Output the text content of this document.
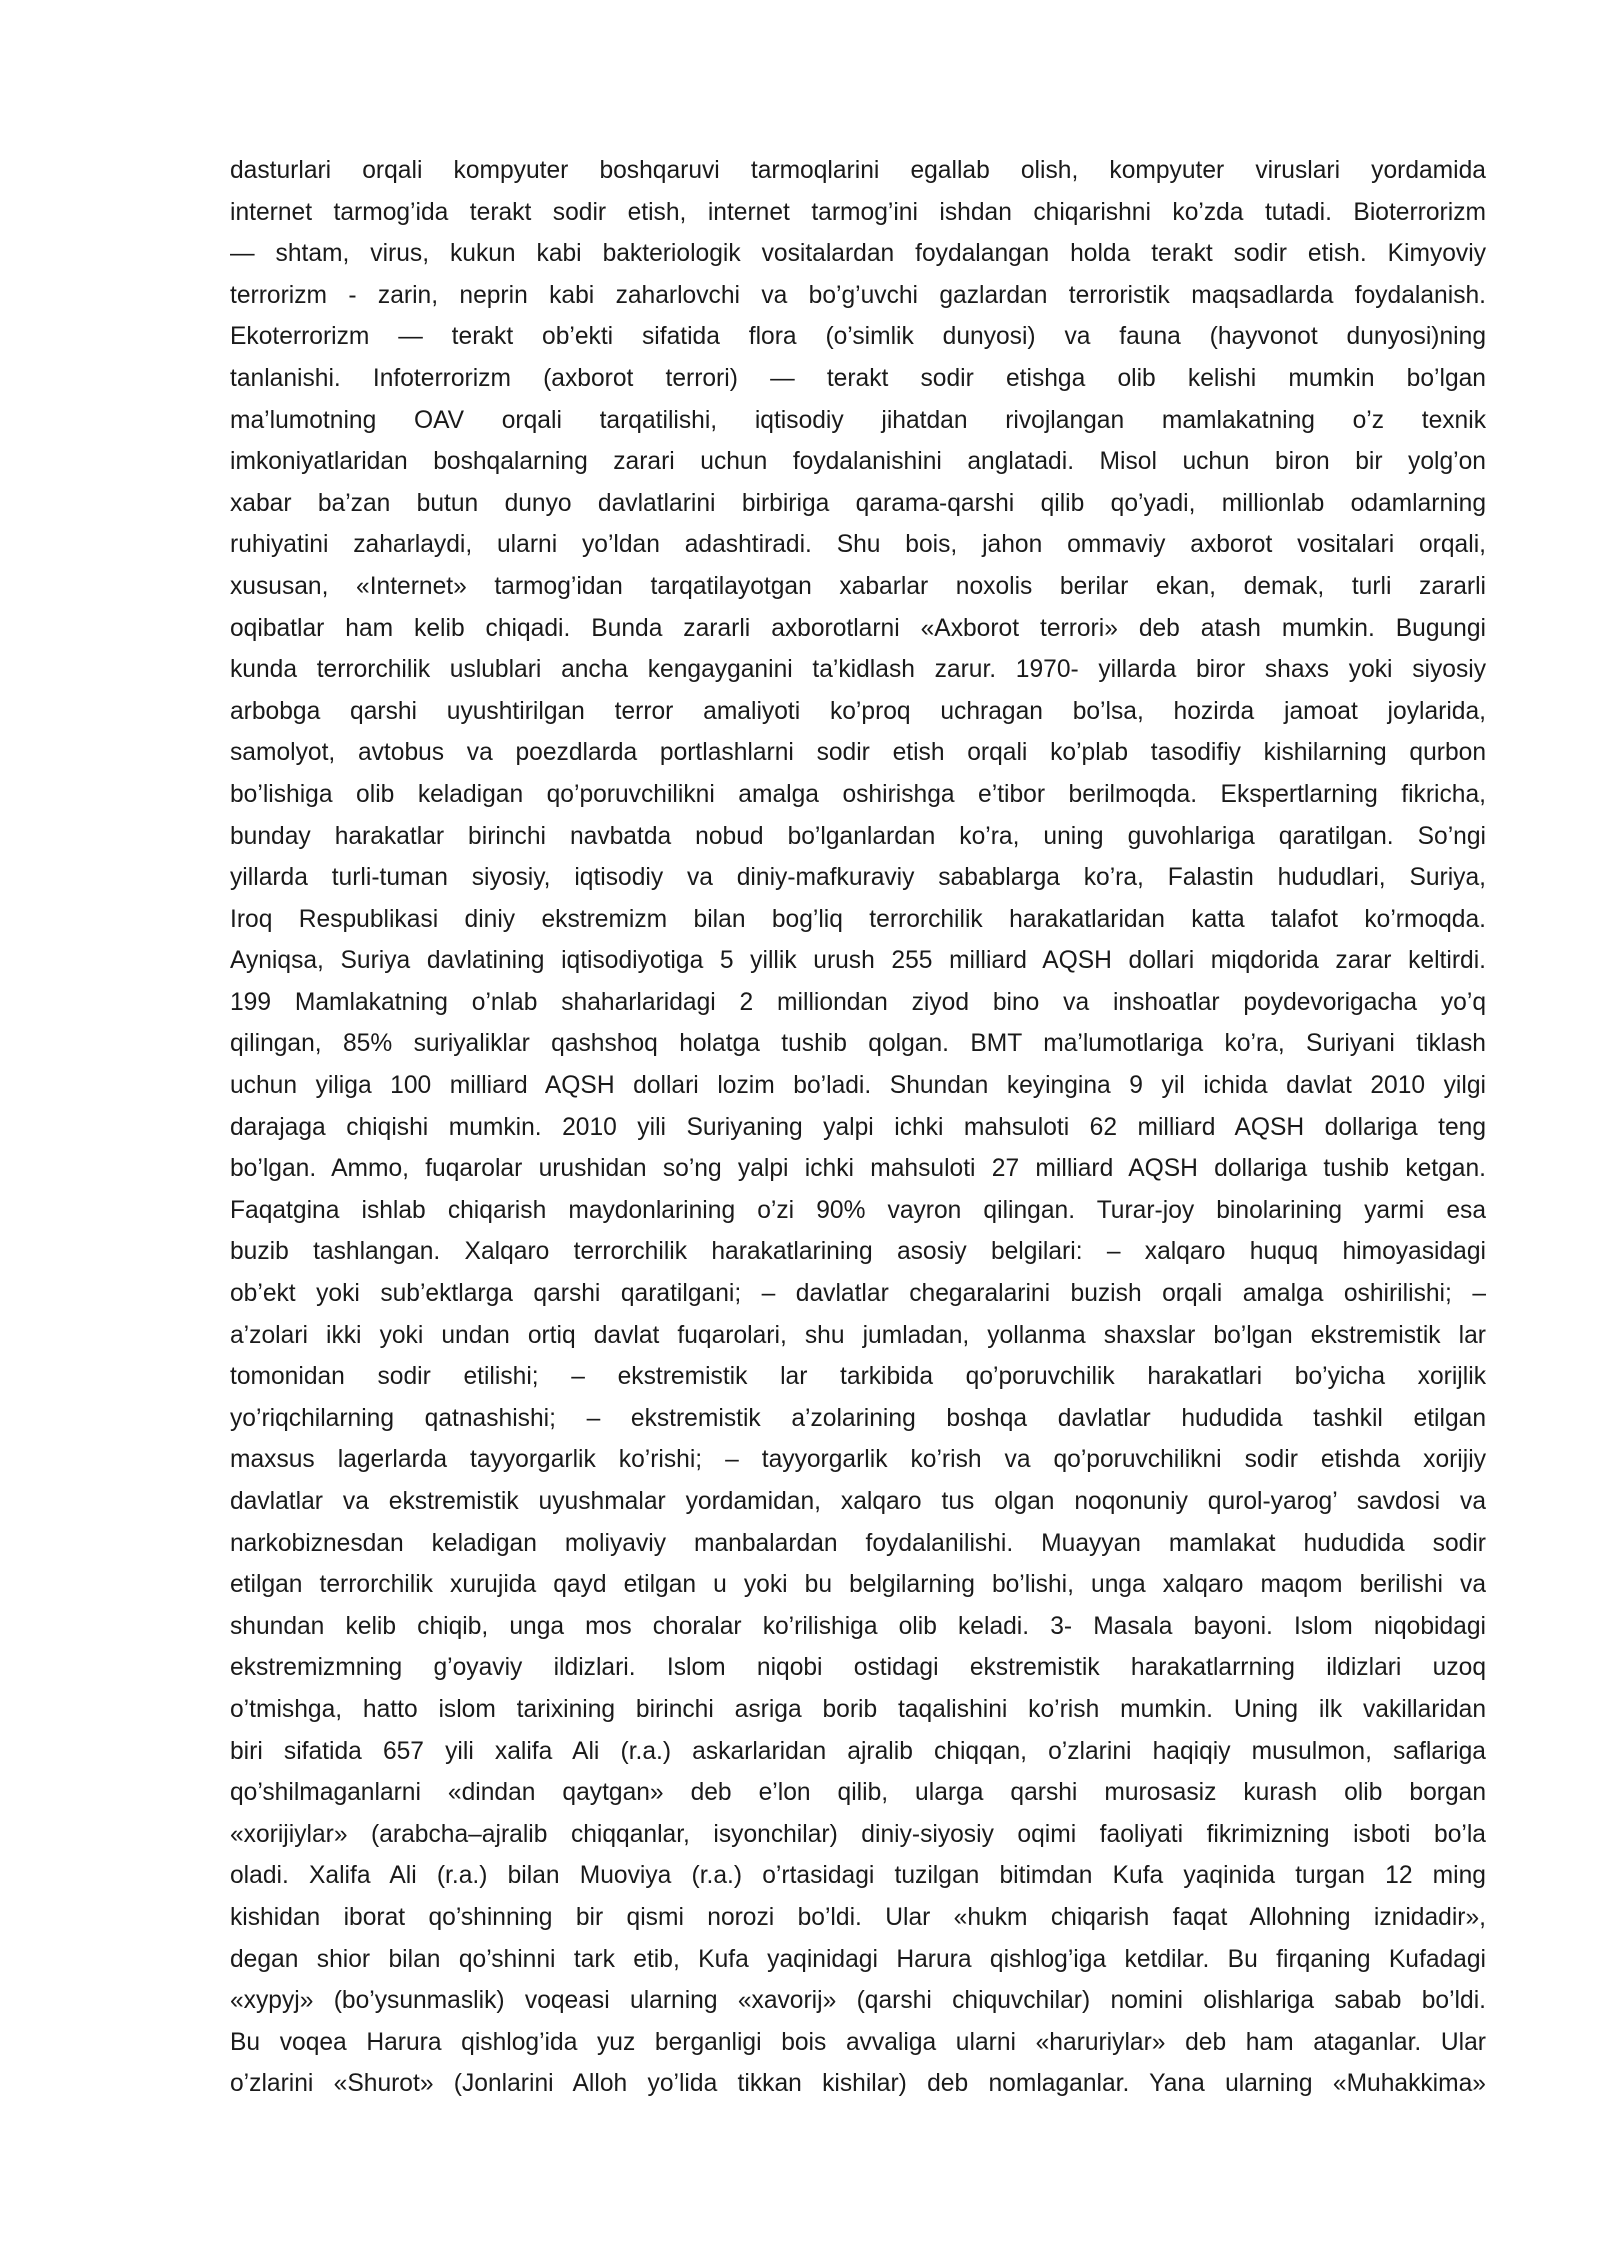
dasturlari orqali kompyuter boshqaruvi tarmoqlarini egallab olish, kompyuter viruslari yordamida
internet tarmog’ida terakt sodir etish, internet tarmog’ini ishdan chiqarishni ko’zda tutadi. Bioterrorizm
— shtam, virus, kukun kabi bakteriologik vositalardan foydalangan holda terakt sodir etish. Kimyoviy
terrorizm - zarin, neprin kabi zaharlovchi va bo’g’uvchi gazlardan terroristik maqsadlarda foydalanish.
Ekoterrorizm — terakt ob’ekti sifatida flora (o’simlik dunyosi) va fauna (hayvonot dunyosi)ning
tanlanishi. Infoterrorizm (axborot terrori) — terakt sodir etishga olib kelishi mumkin bo’lgan
ma’lumotning OAV orqali tarqatilishi, iqtisodiy jihatdan rivojlangan mamlakatning o’z texnik
imkoniyatlaridan boshqalarning zarari uchun foydalanishini anglatadi. Misol uchun biron bir yolg’on
xabar ba’zan butun dunyo davlatlarini birbiriga qarama-qarshi qilib qo’yadi, millionlab odamlarning
ruhiyatini zaharlaydi, ularni yo’ldan adashtiradi. Shu bois, jahon ommaviy axborot vositalari orqali,
xususan, «Internet» tarmog’idan tarqatilayotgan xabarlar noxolis berilar ekan, demak, turli zararli
oqibatlar ham kelib chiqadi. Bunda zararli axborotlarni «Axborot terrori» deb atash mumkin. Bugungi
kunda terrorchilik uslublari ancha kengayganini ta’kidlash zarur. 1970- yillarda biror shaxs yoki siyosiy
arbobga qarshi uyushtirilgan terror amaliyoti ko’proq uchragan bo’lsa, hozirda jamoat joylarida,
samolyot, avtobus va poezdlarda portlashlarni sodir etish orqali ko’plab tasodifiy kishilarning qurbon
bo’lishiga olib keladigan qo’poruvchilikni amalga oshirishga e’tibor berilmoqda. Ekspertlarning fikricha,
bunday harakatlar birinchi navbatda nobud bo’lganlardan ko’ra, uning guvohlariga qaratilgan. So’ngi
yillarda turli-tuman siyosiy, iqtisodiy va diniy-mafkuraviy sabablarga ko’ra, Falastin hududlari, Suriya,
Iroq Respublikasi diniy ekstremizm bilan bog’liq terrorchilik harakatlaridan katta talafot ko’rmoqda.
Ayniqsa, Suriya davlatining iqtisodiyotiga 5 yillik urush 255 milliard AQSH dollari miqdorida zarar keltirdi.
199 Mamlakatning o’nlab shaharlaridagi 2 milliondan ziyod bino va inshoatlar poydevorigacha yo’q
qilingan, 85% suriyaliklar qashshoq holatga tushib qolgan. BMT ma’lumotlariga ko’ra, Suriyani tiklash
uchun yiliga 100 milliard AQSH dollari lozim bo’ladi. Shundan keyingina 9 yil ichida davlat 2010 yilgi
darajaga chiqishi mumkin. 2010 yili Suriyaning yalpi ichki mahsuloti 62 milliard AQSH dollariga teng
bo’lgan. Ammo, fuqarolar urushidan so’ng yalpi ichki mahsuloti 27 milliard AQSH dollariga tushib ketgan.
Faqatgina ishlab chiqarish maydonlarining o’zi 90% vayron qilingan. Turar-joy binolarining yarmi esa
buzib tashlangan. Xalqaro terrorchilik harakatlarining asosiy belgilari: – xalqaro huquq himoyasidagi
ob’ekt yoki sub’ektlarga qarshi qaratilgani; – davlatlar chegaralarini buzish orqali amalga oshirilishi; –
a’zolari ikki yoki undan ortiq davlat fuqarolari, shu jumladan, yollanma shaxslar bo’lgan ekstremistik lar
tomonidan sodir etilishi; – ekstremistik lar tarkibida qo’poruvchilik harakatlari bo’yicha xorijlik
yo’riqchilarning qatnashishi; – ekstremistik a’zolarining boshqa davlatlar hududida tashkil etilgan
maxsus lagerlarda tayyorgarlik ko’rishi; – tayyorgarlik ko’rish va qo’poruvchilikni sodir etishda xorijiy
davlatlar va ekstremistik uyushmalar yordamidan, xalqaro tus olgan noqonuniy qurol-yarog’ savdosi va
narkobiznesdan keladigan moliyaviy manbalardan foydalanilishi. Muayyan mamlakat hududida sodir
etilgan terrorchilik xurujida qayd etilgan u yoki bu belgilarning bo’lishi, unga xalqaro maqom berilishi va
shundan kelib chiqib, unga mos choralar ko’rilishiga olib keladi. 3- Masala bayoni. Islom niqobidagi
ekstremizmning g’oyaviy ildizlari. Islom niqobi ostidagi ekstremistik harakatlarrning ildizlari uzoq
o’tmishga, hatto islom tarixining birinchi asriga borib taqalishini ko’rish mumkin. Uning ilk vakillaridan
biri sifatida 657 yili xalifa Ali (r.a.) askarlaridan ajralib chiqqan, o’zlarini haqiqiy musulmon, saflariga
qo’shilmaganlarni «dindan qaytgan» deb e’lon qilib, ularga qarshi murosasiz kurash olib borgan
«xorijiylar» (arabcha–ajralib chiqqanlar, isyonchilar) diniy-siyosiy oqimi faoliyati fikrimizning isboti bo’la
oladi. Xalifa Ali (r.a.) bilan Muoviya (r.a.) o’rtasidagi tuzilgan bitimdan Kufa yaqinida turgan 12 ming
kishidan iborat qo’shinning bir qismi norozi bo’ldi. Ular «hukm chiqarish faqat Allohning iznidadir»,
degan shior bilan qo’shinni tark etib, Kufa yaqinidagi Harura qishlog’iga ketdilar. Bu firqaning Kufadagi
«xypyj» (bo’ysunmaslik) voqeasi ularning «xavorij» (qarshi chiquvchilar) nomini olishlariga sabab bo’ldi.
Bu voqea Harura qishlog’ida yuz berganligi bois avvaliga ularni «haruriylar» deb ham ataganlar. Ular
o’zlarini «Shurot» (Jonlarini Alloh yo’lida tikkan kishilar) deb nomlaganlar. Yana ularning «Muhakkima»
